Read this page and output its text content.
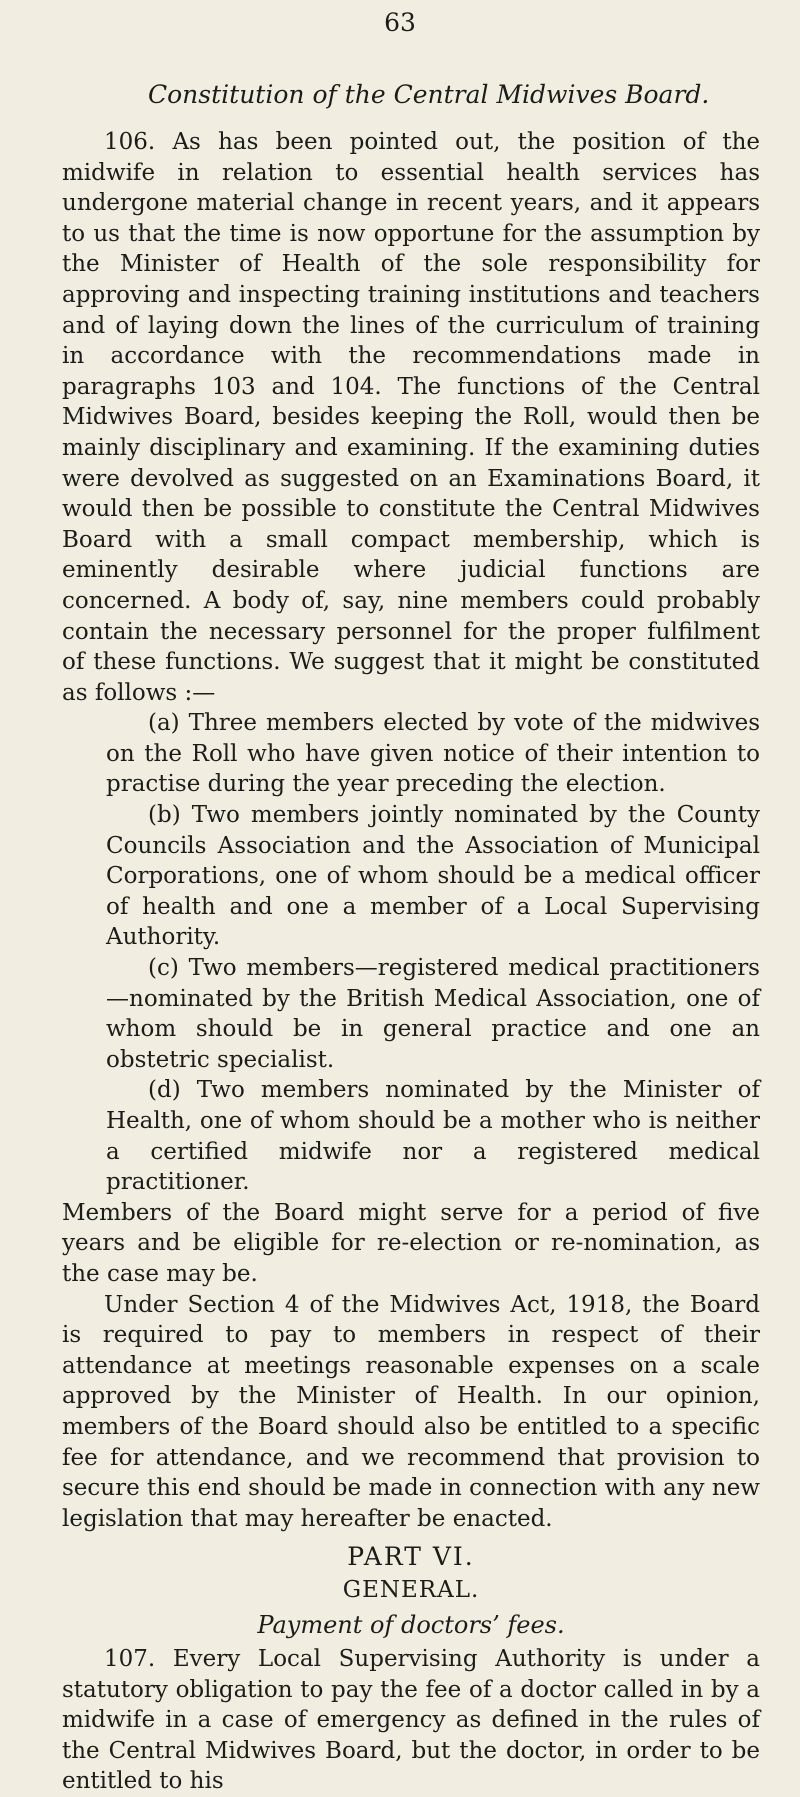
63
Constitution of the Central Midwives Board.

106. As has been pointed out, the position of the midwife in relation to essential health services has undergone material change in recent years, and it appears to us that the time is now opportune for the assumption by the Minister of Health of the sole responsibility for approving and inspecting training institutions and teachers and of laying down the lines of the curriculum of training in accordance with the recommendations made in paragraphs 103 and 104. The functions of the Central Midwives Board, besides keeping the Roll, would then be mainly disciplinary and examining. If the examining duties were devolved as suggested on an Examinations Board, it would then be possible to constitute the Central Midwives Board with a small compact membership, which is eminently desirable where judicial functions are concerned. A body of, say, nine members could probably contain the necessary personnel for the proper fulfilment of these functions. We suggest that it might be constituted as follows :—

(a) Three members elected by vote of the midwives on the Roll who have given notice of their intention to practise during the year preceding the election.

(b) Two members jointly nominated by the County Councils Association and the Association of Municipal Corporations, one of whom should be a medical officer of health and one a member of a Local Supervising Authority.

(c) Two members—registered medical practitioners—nominated by the British Medical Association, one of whom should be in general practice and one an obstetric specialist.

(d) Two members nominated by the Minister of Health, one of whom should be a mother who is neither a certified midwife nor a registered medical practitioner.

Members of the Board might serve for a period of five years and be eligible for re-election or re-nomination, as the case may be.

Under Section 4 of the Midwives Act, 1918, the Board is required to pay to members in respect of their attendance at meetings reasonable expenses on a scale approved by the Minister of Health. In our opinion, members of the Board should also be entitled to a specific fee for attendance, and we recommend that provision to secure this end should be made in connection with any new legislation that may hereafter be enacted.

PART VI.
GENERAL.
Payment of doctors’ fees.

107. Every Local Supervising Authority is under a statutory obligation to pay the fee of a doctor called in by a midwife in a case of emergency as defined in the rules of the Central Midwives Board, but the doctor, in order to be entitled to his
